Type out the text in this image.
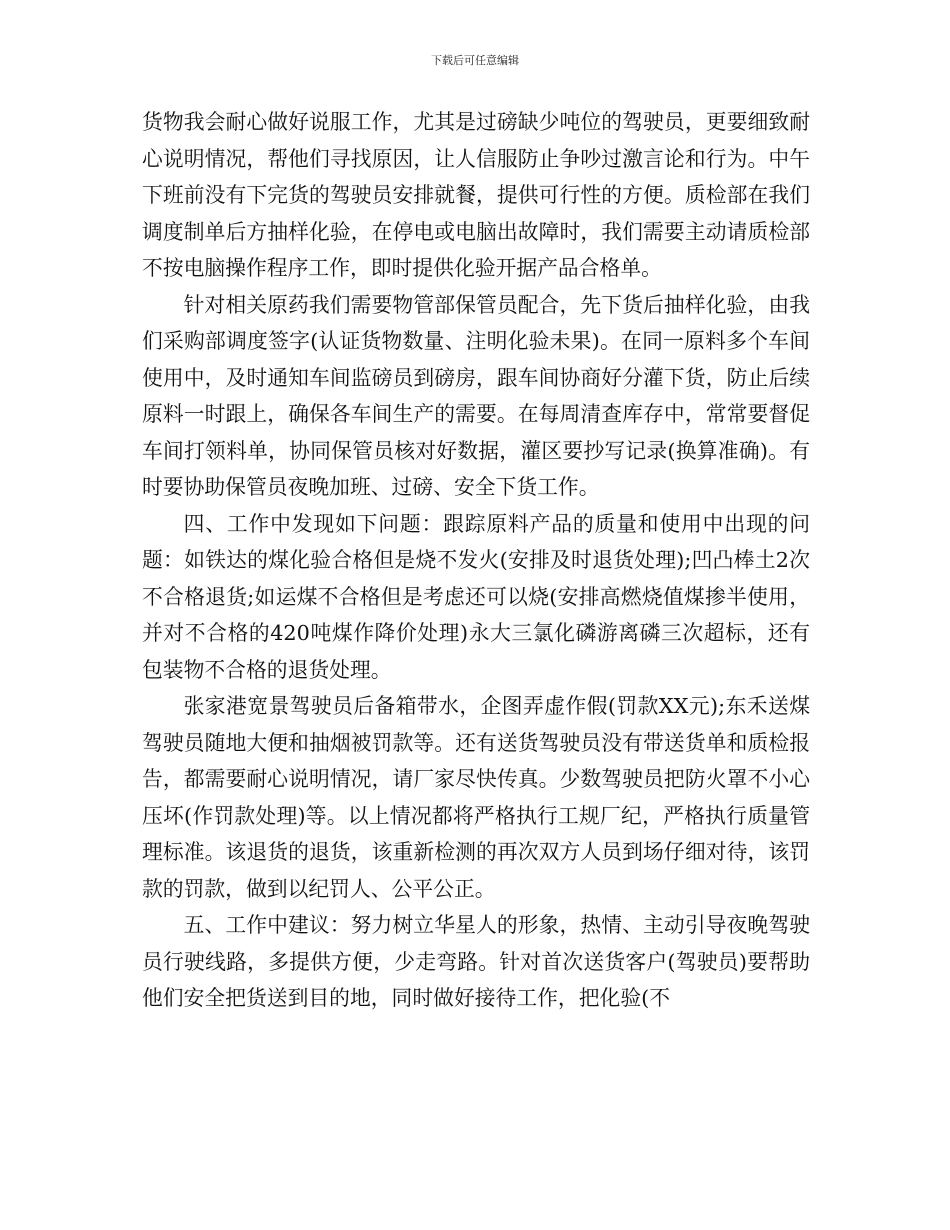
下载后可任意编辑

货物我会耐心做好说服工作，尤其是过磅缺少吨位的驾驶员，更要细致耐心说明情况，帮他们寻找原因，让人信服防止争吵过激言论和行为。中午下班前没有下完货的驾驶员安排就餐，提供可行性的方便。质检部在我们调度制单后方抽样化验，在停电或电脑出故障时，我们需要主动请质检部不按电脑操作程序工作，即时提供化验开据产品合格单。

针对相关原药我们需要物管部保管员配合，先下货后抽样化验，由我们采购部调度签字(认证货物数量、注明化验未果)。在同一原料多个车间使用中，及时通知车间监磅员到磅房，跟车间协商好分灌下货，防止后续原料一时跟上，确保各车间生产的需要。在每周清查库存中，常常要督促车间打领料单，协同保管员核对好数据，灌区要抄写记录(换算准确)。有时要协助保管员夜晚加班、过磅、安全下货工作。

四、工作中发现如下问题：跟踪原料产品的质量和使用中出现的问题：如铁达的煤化验合格但是烧不发火(安排及时退货处理);凹凸棒土2次不合格退货;如运煤不合格但是考虑还可以烧(安排高燃烧值煤掺半使用，并对不合格的420吨煤作降价处理)永大三氯化磷游离磷三次超标，还有包装物不合格的退货处理。

张家港宽景驾驶员后备箱带水，企图弄虚作假(罚款XX元);东禾送煤驾驶员随地大便和抽烟被罚款等。还有送货驾驶员没有带送货单和质检报告，都需要耐心说明情况，请厂家尽快传真。少数驾驶员把防火罩不小心压坏(作罚款处理)等。以上情况都将严格执行工规厂纪，严格执行质量管理标准。该退货的退货，该重新检测的再次双方人员到场仔细对待，该罚款的罚款，做到以纪罚人、公平公正。

五、工作中建议：努力树立华星人的形象，热情、主动引导夜晚驾驶员行驶线路，多提供方便，少走弯路。针对首次送货客户(驾驶员)要帮助他们安全把货送到目的地，同时做好接待工作，把化验(不
